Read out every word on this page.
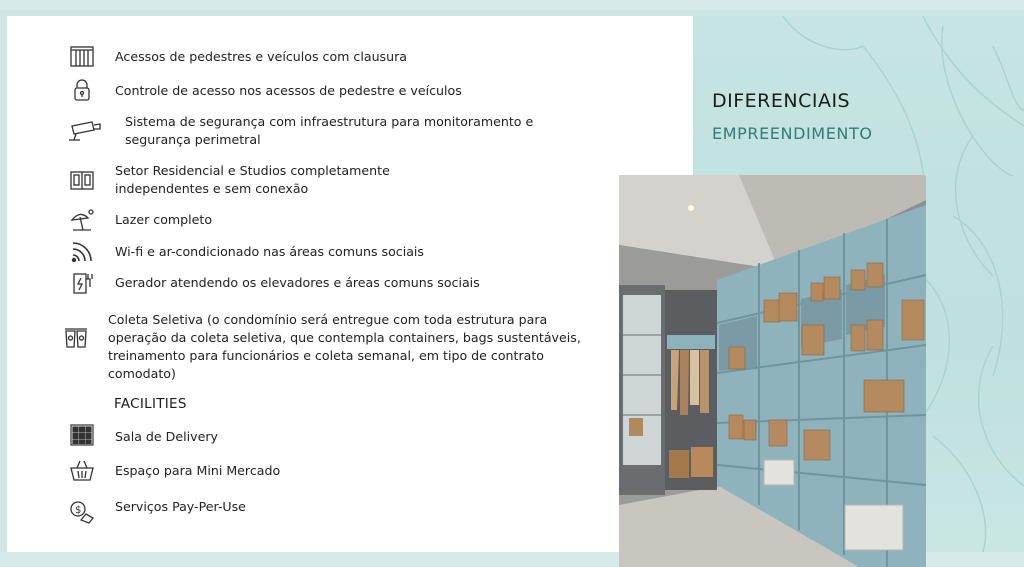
DIFERENCIAIS
EMPREENDIMENTO
Acessos de pedestres e veículos com clausura
Controle de acesso nos acessos de pedestre e veículos
Sistema de segurança com infraestrutura para monitoramento e
segurança perimetral
Setor Residencial e Studios completamente
independentes e sem conexão
Lazer completo
Wi-fi e ar-condicionado nas áreas comuns sociais
Gerador atendendo os elevadores e áreas comuns sociais
Coleta Seletiva (o condomínio será entregue com toda estrutura para
operação da coleta seletiva, que contempla containers, bags sustentáveis,
treinamento para funcionários e coleta semanal, em tipo de contrato
comodato)
FACILITIES
Sala de Delivery
Espaço para Mini Mercado
$	Serviços Pay-Per-Use
